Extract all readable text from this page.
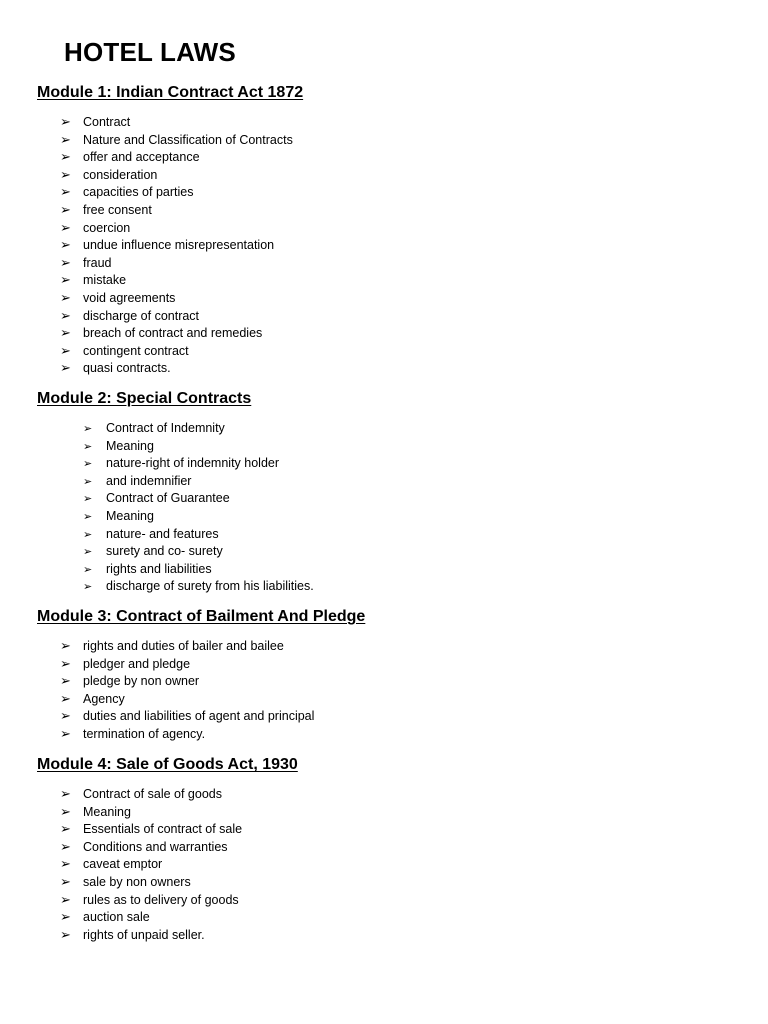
HOTEL LAWS
Module 1: Indian Contract Act 1872
➢ Contract
➢ Nature and Classification of Contracts
➢ offer and acceptance
➢ consideration
➢ capacities of parties
➢ free consent
➢ coercion
➢ undue influence misrepresentation
➢ fraud
➢ mistake
➢ void agreements
➢ discharge of contract
➢ breach of contract and remedies
➢ contingent contract
➢ quasi contracts.
Module 2: Special Contracts
➢ Contract of Indemnity
➢ Meaning
➢ nature-right of indemnity holder
➢ and indemnifier
➢ Contract of Guarantee
➢ Meaning
➢ nature- and features
➢ surety and co- surety
➢ rights and liabilities
➢ discharge of surety from his liabilities.
Module 3: Contract of Bailment And Pledge
➢ rights and duties of bailer and bailee
➢ pledger and pledge
➢ pledge by non owner
➢ Agency
➢ duties and liabilities of agent and principal
➢ termination of agency.
Module 4: Sale of Goods Act, 1930
➢ Contract of sale of goods
➢ Meaning
➢ Essentials of contract of sale
➢ Conditions and warranties
➢ caveat emptor
➢ sale by non owners
➢ rules as to delivery of goods
➢ auction sale
➢ rights of unpaid seller.
